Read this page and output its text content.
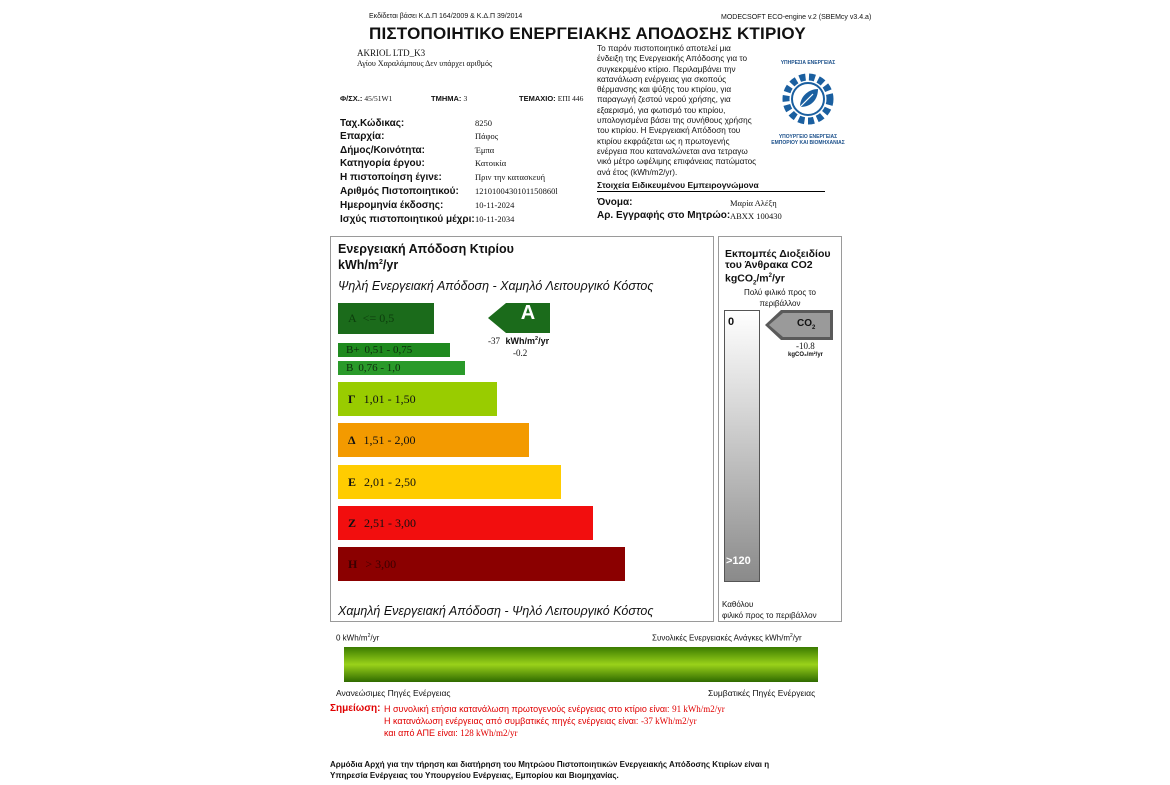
Εκδίδεται βάσει Κ.Δ.Π 164/2009 & Κ.Δ.Π 39/2014	MODECSOFT ECO-engine v.2 (SBEMcy v3.4.a)
ΠΙΣΤΟΠΟΙΗΤΙΚΟ ΕΝΕΡΓΕΙΑΚΗΣ ΑΠΟΔΟΣΗΣ ΚΤΙΡΙΟΥ
AKRIOL LTD_K3
Αγίου Χαραλάμπους Δεν υπάρχει αριθμός
Φ/ΣΧ.: 45/51W1	ΤΜΗΜΑ: 3	ΤΕΜΑΧΙΟ: ΕΠΙ 446
Ταχ.Κώδικας:	8250
Επαρχία:	Πάφος
Δήμος/Κοινότητα:	Έμπα
Κατηγορία έργου:	Κατοικία
Η πιστοποίηση έγινε:	Πριν την κατασκευή
Αριθμός Πιστοποιητικού: 1210100430101150860l
Ημερομηνία έκδοσης:	10-11-2024
Ισχύς πιστοποιητικού μέχρι: 10-11-2034
Το παρόν πιστοποιητικό αποτελεί μια
ένδειξη της Ενεργειακής Απόδοσης για το
συγκεκριμένο κτίριο. Περιλαμβάνει την
κατανάλωση ενέργειας για σκοπούς
θέρμανσης και ψύξης του κτιρίου, για
παραγωγή ζεστού νερού χρήσης, για
εξαερισμό, για φωτισμό του κτιρίου,
υπολογισμένα βάσει της συνήθους χρήσης
του κτιρίου. Η Ενεργειακή Απόδοση του
κτιρίου εκφράζεται ως η πρωτογενής
ενέργεια που καταναλώνεται ανα τετραγω
νικό μέτρο ωφέλιμης επιφάνειας πατώματος
ανά έτος (kWh/m2/yr).
ΥΠΗΡΕΣΙΑ ΕΝΕΡΓΕΙΑΣ
ΥΠΟΥΡΓΕΙΟ ΕΝΕΡΓΕΙΑΣ
ΕΜΠΟΡΙΟΥ ΚΑΙ ΒΙΟΜΗΧΑΝΙΑΣ
Στοιχεία Ειδικευμένου Εμπειρογνώμονα
Όνομα:	Μαρία Αλέξη
Αρ. Εγγραφής στο Μητρώο: ABXX 100430
Ενεργειακή Απόδοση Κτιρίου
kWh/$m^2/yr$
Ψηλή Ενεργειακή Απόδοση - Χαμηλό Λειτουργικό Κόστος
A <= 0,5
B+ 0,51 - 0,75
B 0,76 - 1,0
Γ 1,01 - 1,50
Δ 1,51 - 2,00
Ε 2,01 - 2,50
Ζ 2,51 - 3,00
Η > 3,00
A
-37 kWh/$m^2/yr$
-0.2
Χαμηλή Ενεργειακή Απόδοση - Ψηλό Λειτουργικό Κόστος
Εκπομπές Διοξειδίου
του Άνθρακα CO2
$kgCO_2/m^2/yr$
Πολύ φιλικό προς το
περιβάλλον
0
>120
$CO_2$
-10.8
kgCO₂/m²/yr
Καθόλου
φιλικό προς το περιβάλλον
0 kWh/$m^2/yr$	Συνολικές Ενεργειακές Ανάγκες kWh/$m^2/yr$
Ανανεώσιμες Πηγές Ενέργειας	Συμβατικές Πηγές Ενέργειας
Σημείωση: Η συνολική ετήσια κατανάλωση πρωτογενούς ενέργειας στο κτίριο είναι: 91 kWh/m2/yr
Η κατανάλωση ενέργειας από συμβατικές πηγές ενέργειας είναι: -37 kWh/m2/yr
και από ΑΠΕ είναι: 128 kWh/m2/yr
Αρμόδια Αρχή για την τήρηση και διατήρηση του Μητρώου Πιστοποιητικών Ενεργειακής Απόδοσης Κτιρίων είναι η
Υπηρεσία Ενέργειας του Υπουργείου Ενέργειας, Εμπορίου και Βιομηχανίας.
